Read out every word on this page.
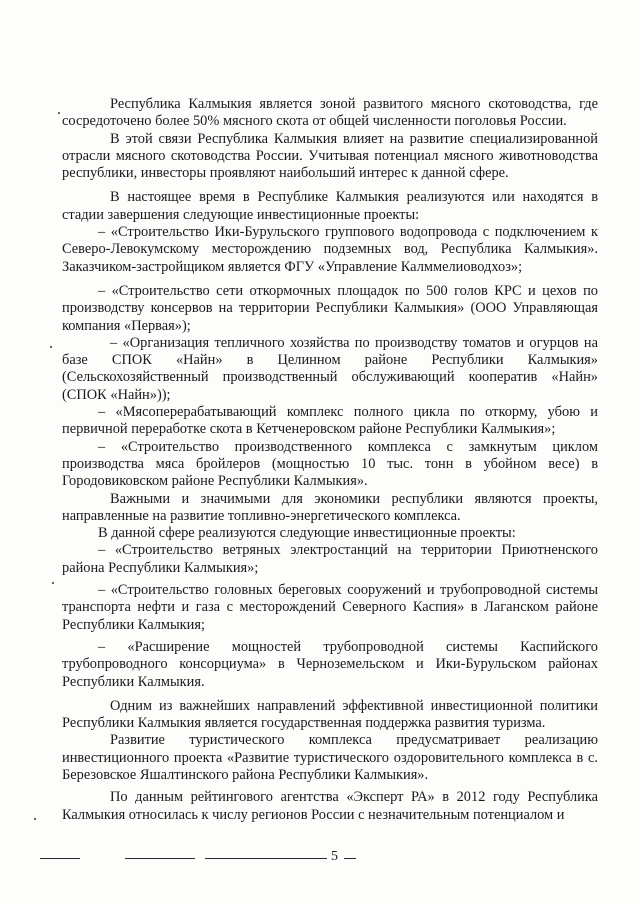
Республика Калмыкия является зоной развитого мясного скотоводства, где сосредоточено более 50% мясного скота от общей численности поголовья России.

В этой связи Республика Калмыкия влияет на развитие специализированной отрасли мясного скотоводства России. Учитывая потенциал мясного животноводства республики, инвесторы проявляют наибольший интерес к данной сфере.

В настоящее время в Республике Калмыкия реализуются или находятся в стадии завершения следующие инвестиционные проекты:

– «Строительство Ики-Бурульского группового водопровода с подключением к Северо-Левокумскому месторождению подземных вод, Республика Калмыкия». Заказчиком-застройщиком является ФГУ «Управление Калммелиоводхоз»;

– «Строительство сети откормочных площадок по 500 голов КРС и цехов по производству консервов на территории Республики Калмыкия» (ООО Управляющая компания «Первая»);

– «Организация тепличного хозяйства по производству томатов и огурцов на базе СПОК «Найн» в Целинном районе Республики Калмыкия» (Сельскохозяйственный производственный обслуживающий кооператив «Найн» (СПОК «Найн»));

– «Мясоперерабатывающий комплекс полного цикла по откорму, убою и первичной переработке скота в Кетченеровском районе Республики Калмыкия»;

– «Строительство производственного комплекса с замкнутым циклом производства мяса бройлеров (мощностью 10 тыс. тонн в убойном весе) в Городовиковском районе Республики Калмыкия».

Важными и значимыми для экономики республики являются проекты, направленные на развитие топливно-энергетического комплекса.

В данной сфере реализуются следующие инвестиционные проекты:

– «Строительство ветряных электростанций на территории Приютненского района Республики Калмыкия»;

– «Строительство головных береговых сооружений и трубопроводной системы транспорта нефти и газа с месторождений Северного Каспия» в Лаганском районе Республики Калмыкия;

– «Расширение мощностей трубопроводной системы Каспийского трубопроводного консорциума» в Черноземельском и Ики-Бурульском районах Республики Калмыкия.

Одним из важнейших направлений эффективной инвестиционной политики Республики Калмыкия является государственная поддержка развития туризма.

Развитие туристического комплекса предусматривает реализацию инвестиционного проекта «Развитие туристического оздоровительного комплекса в с. Березовское Яшалтинского района Республики Калмыкия».

По данным рейтингового агентства «Эксперт РА» в 2012 году Республика Калмыкия относилась к числу регионов России с незначительным потенциалом и

5
